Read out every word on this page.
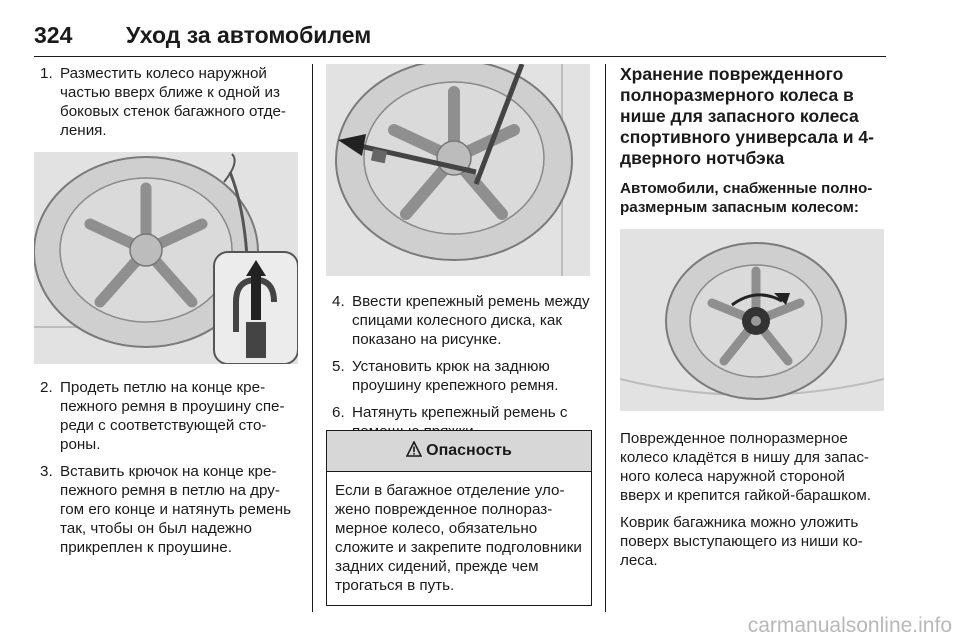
324 Уход за автомобилем
1. Разместить колесо наружной частью вверх ближе к одной из боковых стенок багажного отделения.
2. Продеть петлю на конце крепежного ремня в проушину спереди с соответствующей стороны.
3. Вставить крючок на конце крепежного ремня в петлю на другом его конце и натянуть ремень так, чтобы он был надежно прикреплен к проушине.
4. Ввести крепежный ремень между спицами колесного диска, как показано на рисунке.
5. Установить крюк на заднюю проушину крепежного ремня.
6. Натянуть крепежный ремень с
Опасность
Если в багажное отделение уложено поврежденное полноразмерное колесо, обязательно сложите и закрепите подголовники задних сидений, прежде чем трогаться в путь.
Хранение поврежденного полноразмерного колеса в нише для запасного колеса спортивного универсала и 4-дверного нотчбэка
Автомобили, снабженные полноразмерным запасным колесом:
Поврежденное полноразмерное колесо кладётся в нишу для запасного колеса наружной стороной вверх и крепится гайкой-барашком.
Коврик багажника можно уложить поверх выступающего из ниши колеса.
carmanualsonline.info
